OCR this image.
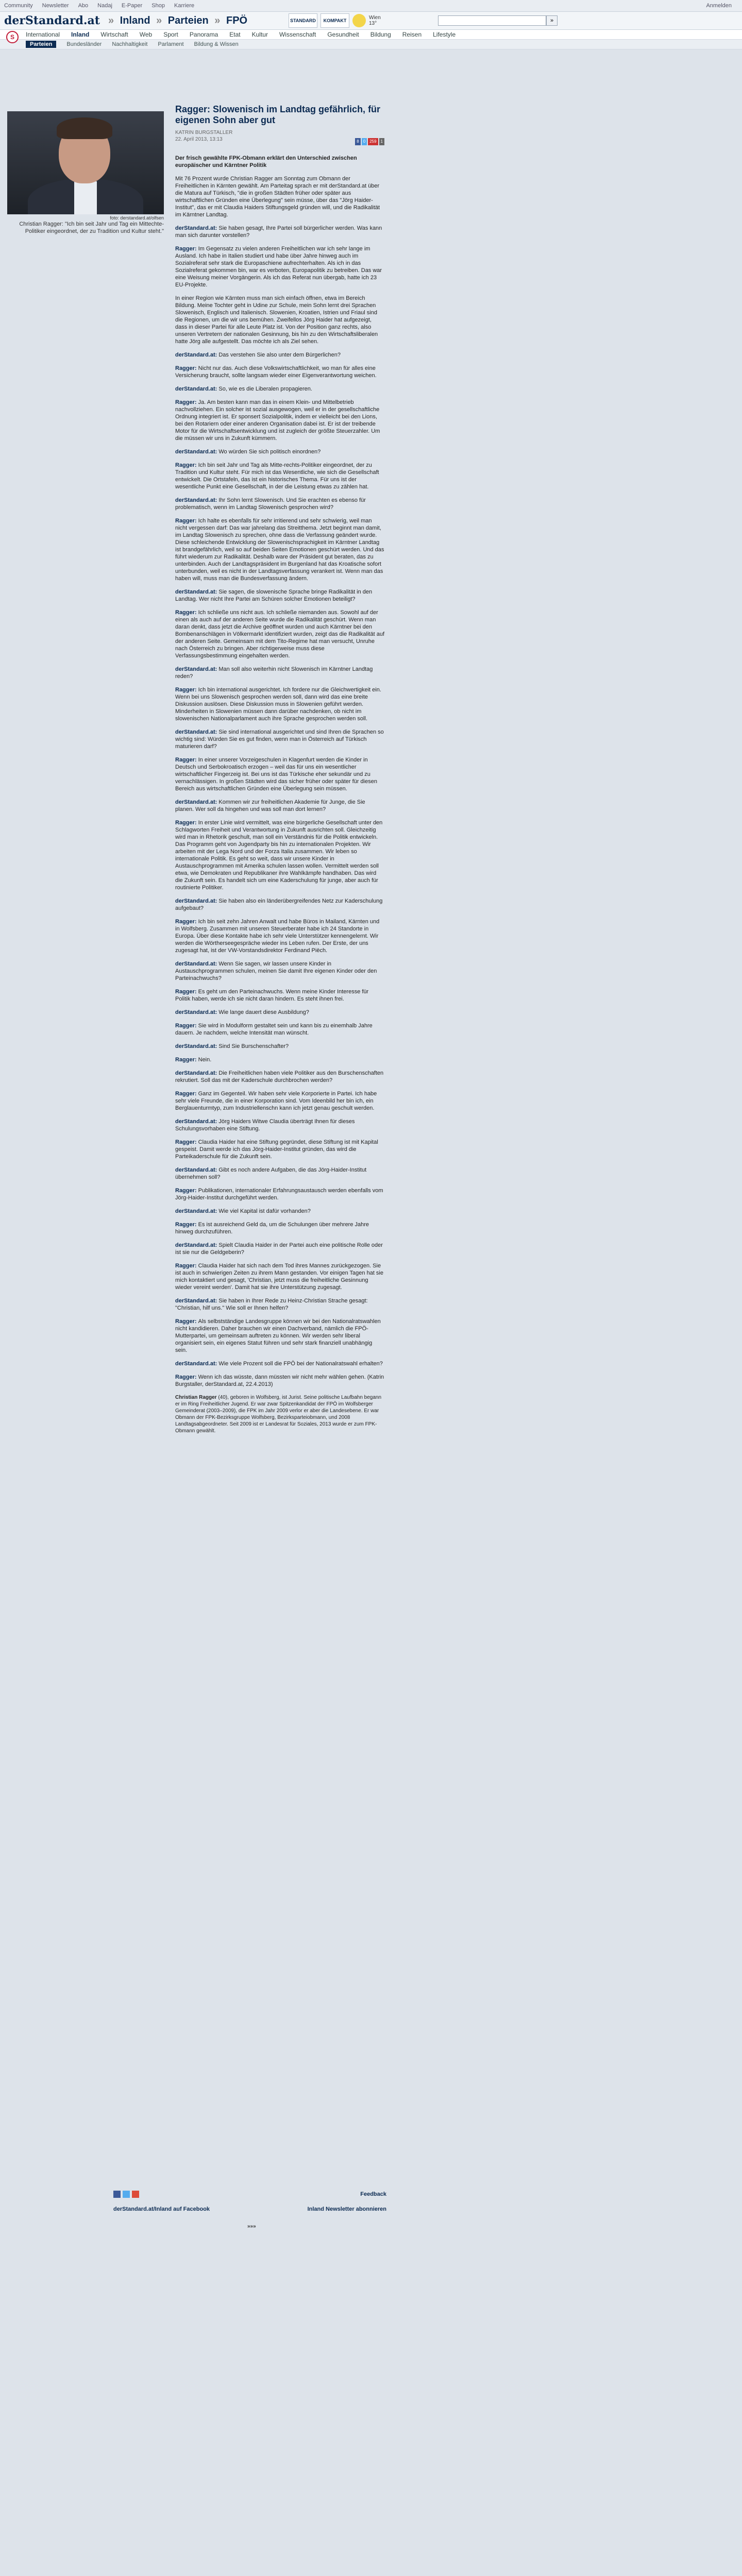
Community Newsletter Abo Nadaj E-Paper Shop Karriere	Anmelden
derStandard.at » Inland » Parteien » FPÖ	STANDARD	KOMPAKT	Wien 13°	»
S	International Inland Wirtschaft Web Sport Panorama Etat Kultur Wissenschaft Gesundheit Bildung Reisen Lifestyle
Parteien	Bundesländer Nachhaltigkeit Parlament Bildung & Wissen
foto: derstandard.at/olfsen
Christian Ragger: "Ich bin seit Jahr und Tag ein Mittechte-Politiker eingeordnet, der zu Tradition und Kultur steht."
Ragger: Slowenisch im Landtag gefährlich, für eigenen Sohn aber gut
KATRIN BURGSTALLER
22. April 2013, 13:13	8	0	259	1
Der frisch gewählte FPK-Obmann erklärt den Unterschied zwischen europäischer und Kärntner Politik

Mit 76 Prozent wurde Christian Ragger am Sonntag zum Obmann der Freiheitlichen in Kärnten gewählt. Am Parteitag sprach er mit derStandard.at über die Matura auf Türkisch, "die in großen Städten früher oder später aus wirtschaftlichen Gründen eine Überlegung" sein müsse, über das "Jörg Haider-Institut", das er mit Claudia Haiders Stiftungsgeld gründen will, und die Radikalität im Kärntner Landtag.

derStandard.at: Sie haben gesagt, Ihre Partei soll bürgerlicher werden. Was kann man sich darunter vorstellen?

Ragger: Im Gegensatz zu vielen anderen Freiheitlichen war ich sehr lange im Ausland. Ich habe in Italien studiert und habe über Jahre hinweg auch im Sozialreferat sehr stark die Europaschiene aufrechterhalten. Als ich in das Sozialreferat gekommen bin, war es verboten, Europapolitik zu betreiben. Das war eine Weisung meiner Vorgängerin. Als ich das Referat nun übergab, hatte ich 23 EU-Projekte.

In einer Region wie Kärnten muss man sich einfach öffnen, etwa im Bereich Bildung. Meine Tochter geht in Udine zur Schule, mein Sohn lernt drei Sprachen Slowenisch, Englisch und Italienisch. Slowenien, Kroatien, Istrien und Friaul sind die Regionen, um die wir uns bemühen. Zweifellos Jörg Haider hat aufgezeigt, dass in dieser Partei für alle Leute Platz ist. Von der Position ganz rechts, also unseren Vertretern der nationalen Gesinnung, bis hin zu den Wirtschaftsliberalen hatte Jörg alle aufgestellt. Das möchte ich als Ziel sehen.

derStandard.at: Das verstehen Sie also unter dem Bürgerlichen?

Ragger: Nicht nur das. Auch diese Volkswirtschaftlichkeit, wo man für alles eine Versicherung braucht, sollte langsam wieder einer Eigenverantwortung weichen.

derStandard.at: So, wie es die Liberalen propagieren.

Ragger: Ja. Am besten kann man das in einem Klein- und Mittelbetrieb nachvollziehen. Ein solcher ist sozial ausgewogen, weil er in der gesellschaftliche Ordnung integriert ist. Er sponsert Sozialpolitik, indem er vielleicht bei den Lions, bei den Rotariern oder einer anderen Organisation dabei ist. Er ist der treibende Motor für die Wirtschaftsentwicklung und ist zugleich der größte Steuerzahler. Um die müssen wir uns in Zukunft kümmern.

derStandard.at: Wo würden Sie sich politisch einordnen?

Ragger: Ich bin seit Jahr und Tag als Mitte-rechts-Politiker eingeordnet, der zu Tradition und Kultur steht. Für mich ist das Wesentliche, wie sich die Gesellschaft entwickelt. Die Ortstafeln, das ist ein historisches Thema. Für uns ist der wesentliche Punkt eine Gesellschaft, in der die Leistung etwas zu zählen hat.

derStandard.at: Ihr Sohn lernt Slowenisch. Und Sie erachten es ebenso für problematisch, wenn im Landtag Slowenisch gesprochen wird?

Ragger: Ich halte es ebenfalls für sehr irritierend und sehr schwierig, weil man nicht vergessen darf: Das war jahrelang das Streitthema. Jetzt beginnt man damit, im Landtag Slowenisch zu sprechen, ohne dass die Verfassung geändert wurde. Diese schleichende Entwicklung der Slowenischsprachigkeit im Kärntner Landtag ist brandgefährlich, weil so auf beiden Seiten Emotionen geschürt werden. Und das führt wiederum zur Radikalität. Deshalb ware der Präsident gut beraten, das zu unterbinden. Auch der Landtagspräsident im Burgenland hat das Kroatische sofort unterbunden, weil es nicht in der Landtagsverfassung verankert ist. Wenn man das haben will, muss man die Bundesverfassung ändern.

derStandard.at: Sie sagen, die slowenische Sprache bringe Radikalität in den Landtag. Wer nicht Ihre Partei am Schüren solcher Emotionen beteiligt?

Ragger: Ich schließe uns nicht aus. Ich schließe niemanden aus. Sowohl auf der einen als auch auf der anderen Seite wurde die Radikalität geschürt. Wenn man daran denkt, dass jetzt die Archive geöffnet wurden und auch Kärntner bei den Bombenanschlägen in Völkermarkt identifiziert wurden, zeigt das die Radikalität auf der anderen Seite. Gemeinsam mit dem Tito-Regime hat man versucht, Unruhe nach Österreich zu bringen. Aber richtigerweise muss diese Verfassungsbestimmung eingehalten werden.

derStandard.at: Man soll also weiterhin nicht Slowenisch im Kärntner Landtag reden?

Ragger: Ich bin international ausgerichtet. Ich fordere nur die Gleichwertigkeit ein. Wenn bei uns Slowenisch gesprochen werden soll, dann wird das eine breite Diskussion auslösen. Diese Diskussion muss in Slowenien geführt werden. Minderheiten in Slowenien müssen dann darüber nachdenken, ob nicht im slowenischen Nationalparlament auch ihre Sprache gesprochen werden soll.

derStandard.at: Sie sind international ausgerichtet und sind Ihren die Sprachen so wichtig sind: Würden Sie es gut finden, wenn man in Österreich auf Türkisch maturieren darf?

Ragger: In einer unserer Vorzeigeschulen in Klagenfurt werden die Kinder in Deutsch und Serbokroatisch erzogen – weil das für uns ein wesentlicher wirtschaftlicher Fingerzeig ist. Bei uns ist das Türkische eher sekundär und zu vernachlässigen. In großen Städten wird das sicher früher oder später für diesen Bereich aus wirtschaftlichen Gründen eine Überlegung sein müssen.

derStandard.at: Kommen wir zur freiheitlichen Akademie für Junge, die Sie planen. Wer soll da hingehen und was soll man dort lernen?

Ragger: In erster Linie wird vermittelt, was eine bürgerliche Gesellschaft unter den Schlagworten Freiheit und Verantwortung in Zukunft ausrichten soll. Gleichzeitig wird man in Rhetorik geschult, man soll ein Verständnis für die Politik entwickeln. Das Programm geht von Jugendparty bis hin zu internationalen Projekten. Wir arbeiten mit der Lega Nord und der Forza Italia zusammen. Wir leben so internationale Politik. Es geht so weit, dass wir unsere Kinder in Austauschprogrammen mit Amerika schulen lassen wollen. Vermittelt werden soll etwa, wie Demokraten und Republikaner ihre Wahlkämpfe handhaben. Das wird die Zukunft sein. Es handelt sich um eine Kaderschulung für junge, aber auch für routinierte Politiker.

derStandard.at: Sie haben also ein länderübergreifendes Netz zur Kaderschulung aufgebaut?

Ragger: Ich bin seit zehn Jahren Anwalt und habe Büros in Mailand, Kärnten und in Wolfsberg. Zusammen mit unseren Steuerberater habe ich 24 Standorte in Europa. Über diese Kontakte habe ich sehr viele Unterstützer kennengelernt. Wir werden die Wörtherseegespräche wieder ins Leben rufen. Der Erste, der uns zugesagt hat, ist der VW-Vorstandsdirektor Ferdinand Piëch.

derStandard.at: Wenn Sie sagen, wir lassen unsere Kinder in Austauschprogrammen schulen, meinen Sie damit Ihre eigenen Kinder oder den Parteinachwuchs?

Ragger: Es geht um den Parteinachwuchs. Wenn meine Kinder Interesse für Politik haben, werde ich sie nicht daran hindern. Es steht ihnen frei.

derStandard.at: Wie lange dauert diese Ausbildung?

Ragger: Sie wird in Modulform gestaltet sein und kann bis zu einemhalb Jahre dauern. Je nachdem, welche Intensität man wünscht.

derStandard.at: Sind Sie Burschenschafter?

Ragger: Nein.

derStandard.at: Die Freiheitlichen haben viele Politiker aus den Burschenschaften rekrutiert. Soll das mit der Kaderschule durchbrochen werden?

Ragger: Ganz im Gegenteil. Wir haben sehr viele Korporierte in Partei. Ich habe sehr viele Freunde, die in einer Korporation sind. Vom Ideenbild her bin ich, ein Berglauenturmtyp, zum Industriellenschn kann ich jetzt genau geschult werden.

derStandard.at: Jörg Haiders Witwe Claudia überträgt Ihnen für dieses Schulungsvorhaben eine Stiftung.

Ragger: Claudia Haider hat eine Stiftung gegründet, diese Stiftung ist mit Kapital gespeist. Damit werde ich das Jörg-Haider-Institut gründen, das wird die Parteikaderschule für die Zukunft sein.

derStandard.at: Gibt es noch andere Aufgaben, die das Jörg-Haider-Institut übernehmen soll?

Ragger: Publikationen, internationaler Erfahrungsaustausch werden ebenfalls vom Jörg-Haider-Institut durchgeführt werden.

derStandard.at: Wie viel Kapital ist dafür vorhanden?

Ragger: Es ist ausreichend Geld da, um die Schulungen über mehrere Jahre hinweg durchzuführen.

derStandard.at: Spielt Claudia Haider in der Partei auch eine politische Rolle oder ist sie nur die Geldgeberin?

Ragger: Claudia Haider hat sich nach dem Tod ihres Mannes zurückgezogen. Sie ist auch in schwierigen Zeiten zu ihrem Mann gestanden. Vor einigen Tagen hat sie mich kontaktiert und gesagt, 'Christian, jetzt muss die freiheitliche Gesinnung wieder vereint werden'. Damit hat sie ihre Unterstützung zugesagt.

derStandard.at: Sie haben in Ihrer Rede zu Heinz-Christian Strache gesagt: "Christian, hilf uns." Wie soll er Ihnen helfen?

Ragger: Als selbstständige Landesgruppe können wir bei den Nationalratswahlen nicht kandidieren. Daher brauchen wir einen Dachverband, nämlich die FPÖ-Mutterpartei, um gemeinsam auftreten zu können. Wir werden sehr liberal organisiert sein, ein eigenes Statut führen und sehr stark finanziell unabhängig sein.

derStandard.at: Wie viele Prozent soll die FPÖ bei der Nationalratswahl erhalten?

Ragger: Wenn ich das wüsste, dann müssten wir nicht mehr wählen gehen. (Katrin Burgstaller, derStandard.at, 22.4.2013)

Christian Ragger (40), geboren in Wolfsberg, ist Jurist. Seine politische Laufbahn begann er im Ring Freiheitlicher Jugend. Er war zwar Spitzenkandidat der FPÖ im Wolfsberger Gemeinderat (2003–2009), die FPK im Jahr 2009 verlor er aber die Landesebene. Er war Obmann der FPK-Bezirksgruppe Wolfsberg, Bezirksparteiobmann, und 2008 Landtagsabgeordneter. Seit 2009 ist er Landesrat für Soziales, 2013 wurde er zum FPK-Obmann gewählt.
Feedback
derStandard.at/Inland auf Facebook	Inland Newsletter abonnieren
»»»
